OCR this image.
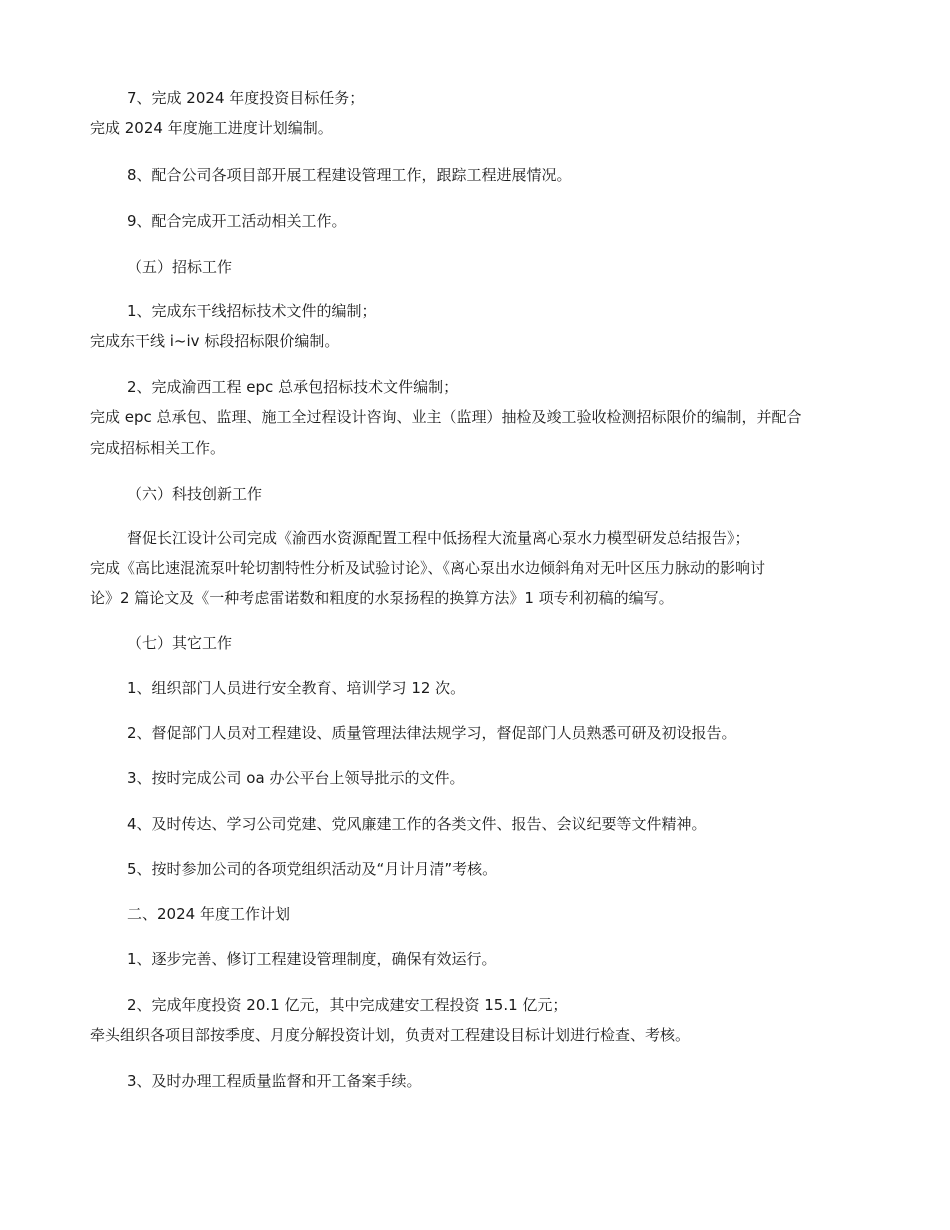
7、完成 2024 年度投资目标任务；

完成 2024 年度施工进度计划编制。

8、配合公司各项目部开展工程建设管理工作，跟踪工程进展情况。

9、配合完成开工活动相关工作。

（五）招标工作

1、完成东干线招标技术文件的编制；

完成东干线 i~iv 标段招标限价编制。

2、完成渝西工程 epc 总承包招标技术文件编制；

完成 epc 总承包、监理、施工全过程设计咨询、业主（监理）抽检及竣工验收检测招标限价的编制，并配合

完成招标相关工作。

（六）科技创新工作

督促长江设计公司完成《渝西水资源配置工程中低扬程大流量离心泵水力模型研发总结报告》；

完成《高比速混流泵叶轮切割特性分析及试验讨论》、《离心泵出水边倾斜角对无叶区压力脉动的影响讨

论》2 篇论文及《一种考虑雷诺数和粗度的水泵扬程的换算方法》1 项专利初稿的编写。

（七）其它工作

1、组织部门人员进行安全教育、培训学习 12 次。

2、督促部门人员对工程建设、质量管理法律法规学习，督促部门人员熟悉可研及初设报告。

3、按时完成公司 oa 办公平台上领导批示的文件。

4、及时传达、学习公司党建、党风廉建工作的各类文件、报告、会议纪要等文件精神。

5、按时参加公司的各项党组织活动及“月计月清”考核。

二、2024 年度工作计划

1、逐步完善、修订工程建设管理制度，确保有效运行。

2、完成年度投资 20.1 亿元，其中完成建安工程投资 15.1 亿元；

牵头组织各项目部按季度、月度分解投资计划，负责对工程建设目标计划进行检查、考核。

3、及时办理工程质量监督和开工备案手续。
